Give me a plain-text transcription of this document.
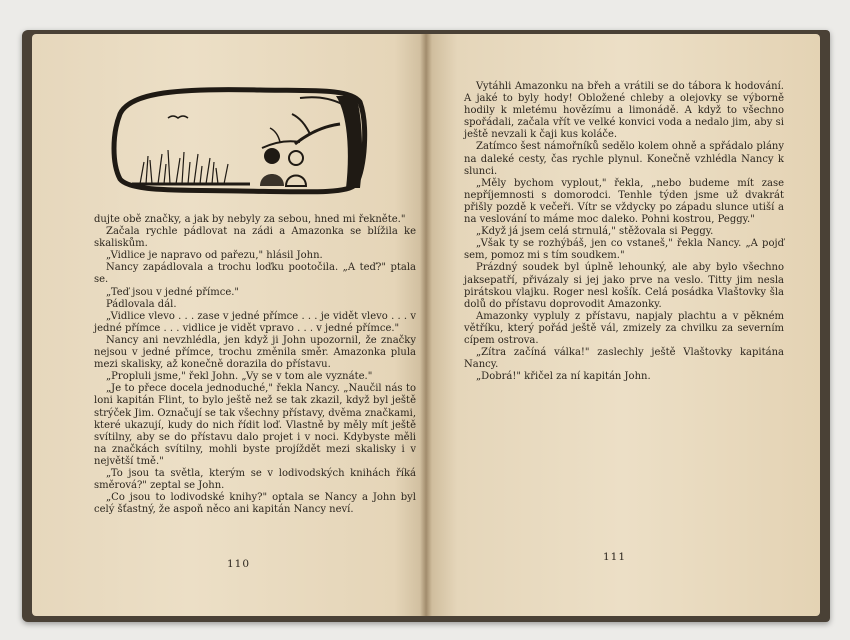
dujte obě značky, a jak by nebyly za sebou, hned mi řekněte."

Začala rychle pádlovat na zádi a Amazonka se blížila ke skaliskům.

„Vidlice je napravo od pařezu," hlásil John.

Nancy zapádlovala a trochu loďku pootočila. „A teď?" ptala se.

„Teď jsou v jedné přímce."

Pádlovala dál.

„Vidlice vlevo . . . zase v jedné přímce . . . je vidět vlevo . . . v jedné přímce . . . vidlice je vidět vpravo . . . v jedné přímce."

Nancy ani nevzhlédla, jen když ji John upozornil, že značky nejsou v jedné přímce, trochu změnila směr. Amazonka plula mezi skalisky, až konečně dorazila do přístavu.

„Propluli jsme," řekl John. „Vy se v tom ale vyznáte."

„Je to přece docela jednoduché," řekla Nancy. „Naučil nás to loni kapitán Flint, to bylo ještě než se tak zkazil, když byl ještě strýček Jim. Označují se tak všechny přístavy, dvěma značkami, které ukazují, kudy do nich řídit loď. Vlastně by měly mít ještě svítilny, aby se do přístavu dalo projet i v noci. Kdybyste měli na značkách svítilny, mohli byste projíždět mezi skalisky i v největší tmě."

„To jsou ta světla, kterým se v lodivodských knihách říká směrová?" zeptal se John.

„Co jsou to lodivodské knihy?" optala se Nancy a John byl celý šťastný, že aspoň něco ani kapitán Nancy neví.

110

Vytáhli Amazonku na břeh a vrátili se do tábora k hodování. A jaké to byly hody! Obložené chleby a olejovky se výborně hodily k mletému hovězímu a limonádě. A když to všechno spořádali, začala vřít ve velké konvici voda a nedalo jim, aby si ještě nevzali k čaji kus koláče.

Zatímco šest námořníků sedělo kolem ohně a spřádalo plány na daleké cesty, čas rychle plynul. Konečně vzhlédla Nancy k slunci.

„Měly bychom vyplout," řekla, „nebo budeme mít zase nepříjemnosti s domorodci. Tenhle týden jsme už dvakrát přišly pozdě k večeři. Vítr se vždycky po západu slunce utiší a na veslování to máme moc daleko. Pohni kostrou, Peggy."

„Když já jsem celá strnulá," stěžovala si Peggy.

„Však ty se rozhýbáš, jen co vstaneš," řekla Nancy. „A pojď sem, pomoz mi s tím soudkem."

Prázdný soudek byl úplně lehounký, ale aby bylo všechno jaksepatří, přivázaly si jej jako prve na veslo. Titty jim nesla pirátskou vlajku. Roger nesl košík. Celá posádka Vlaštovky šla dolů do přístavu doprovodit Amazonky.

Amazonky vypluly z přístavu, napjaly plachtu a v pěkném větříku, který pořád ještě vál, zmizely za chvilku za severním cípem ostrova.

„Zítra začíná válka!" zaslechly ještě Vlaštovky kapitána Nancy.

„Dobrá!" křičel za ní kapitán John.

111
